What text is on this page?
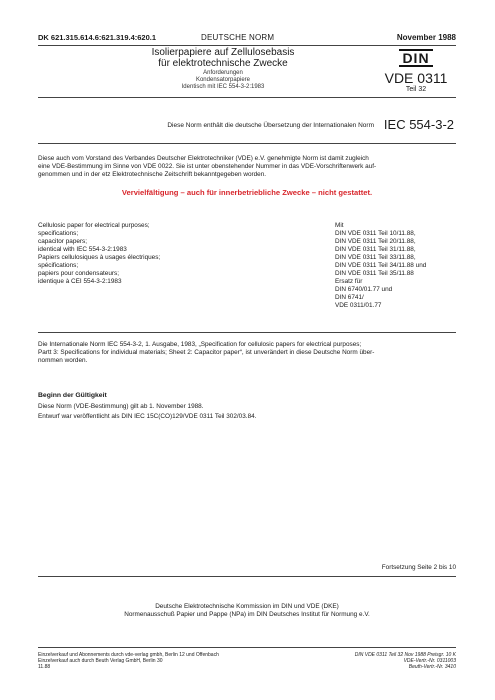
DK 621.315.614.6:621.319.4:620.1	DEUTSCHE NORM	November 1988
Isolierpapiere auf Zellulosebasis
für elektrotechnische Zwecke
Anforderungen
Kondensatorpapiere
Identisch mit IEC 554-3-2:1983
DIN
VDE 0311
Teil 32
Diese Norm enthält die deutsche Übersetzung der Internationalen Norm IEC 554-3-2
Diese auch vom Vorstand des Verbandes Deutscher Elektrotechniker (VDE) e.V. genehmigte Norm ist damit zugleich
eine VDE-Bestimmung im Sinne von VDE 0022. Sie ist unter obenstehender Nummer in das VDE-Vorschriftenwerk auf-
genommen und in der etz Elektrotechnische Zeitschrift bekanntgegeben worden.
Vervielfältigung – auch für innerbetriebliche Zwecke – nicht gestattet.
Cellulosic paper for electrical purposes;
specifications;
capacitor papers;
identical with IEC 554-3-2:1983
Papiers cellulosiques à usages électriques;
spécifications;
papiers pour condensateurs;
identique à CEI 554-3-2:1983
Mit
DIN VDE 0311 Teil 10/11.88,
DIN VDE 0311 Teil 20/11.88,
DIN VDE 0311 Teil 31/11.88,
DIN VDE 0311 Teil 33/11.88,
DIN VDE 0311 Teil 34/11.88 und
DIN VDE 0311 Teil 35/11.88
Ersatz für
DIN 6740/01.77 und
DIN 6741/
VDE 0311/01.77
Die Internationale Norm IEC 554-3-2, 1. Ausgabe, 1983, „Specification for cellulosic papers for electrical purposes;
Partt 3: Specifications for individual materials; Sheet 2: Capacitor paper“, ist unverändert in diese Deutsche Norm über-
nommen worden.
Beginn der Gültigkeit
Diese Norm (VDE-Bestimmung) gilt ab 1. November 1988.
Entwurf war veröffentlicht als DIN IEC 15C(CO)129/VDE 0311 Teil 302/03.84.
Fortsetzung Seite 2 bis 10
Deutsche Elektrotechnische Kommission im DIN und VDE (DKE)
Normenausschuß Papier und Pappe (NPa) im DIN Deutsches Institut für Normung e.V.
Einzelverkauf und Abonnements durch vde-verlag gmbh, Berlin 12 und Offenbach
Einzelverkauf auch durch Beuth Verlag GmbH, Berlin 30
11.88
DIN VDE 0311 Teil 32 Nov 1988 Preisgr. 10 K
VDE-Vertr.-Nr. 0311003
Beuth-Vertr.-Nr. 3410
